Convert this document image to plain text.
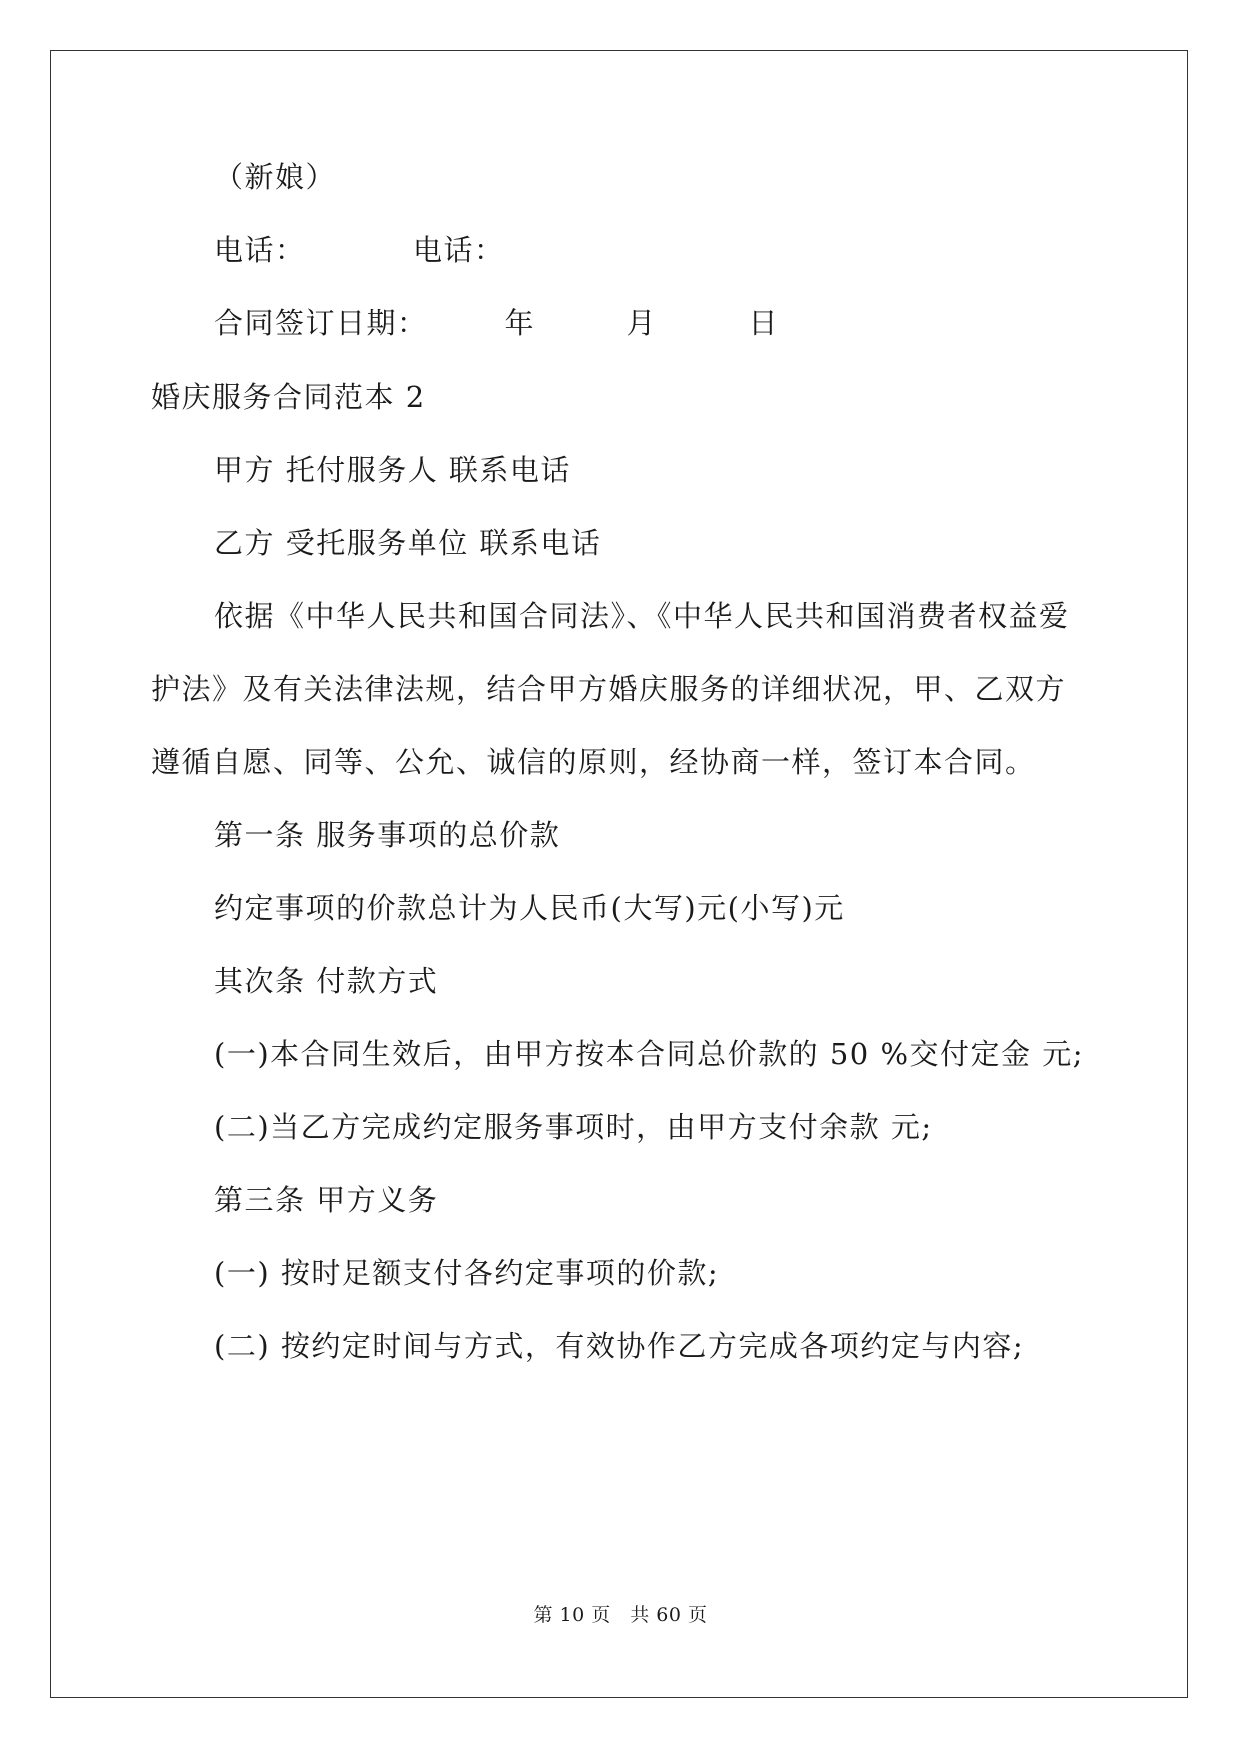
（新娘）
电话：　　　　电话：
合同签订日期：　　　年　　　月　　　日
婚庆服务合同范本 2
甲方 托付服务人 联系电话
乙方 受托服务单位 联系电话
依据《中华人民共和国合同法》、《中华人民共和国消费者权益爱
护法》及有关法律法规，结合甲方婚庆服务的详细状况，甲、乙双方
遵循自愿、同等、公允、诚信的原则，经协商一样，签订本合同。
第一条 服务事项的总价款
约定事项的价款总计为人民币(大写)元(小写)元
其次条 付款方式
(一)本合同生效后，由甲方按本合同总价款的 50 %交付定金 元;
(二)当乙方完成约定服务事项时，由甲方支付余款 元;
第三条 甲方义务
(一) 按时足额支付各约定事项的价款;
(二) 按约定时间与方式，有效协作乙方完成各项约定与内容;
第 10 页　共 60 页
